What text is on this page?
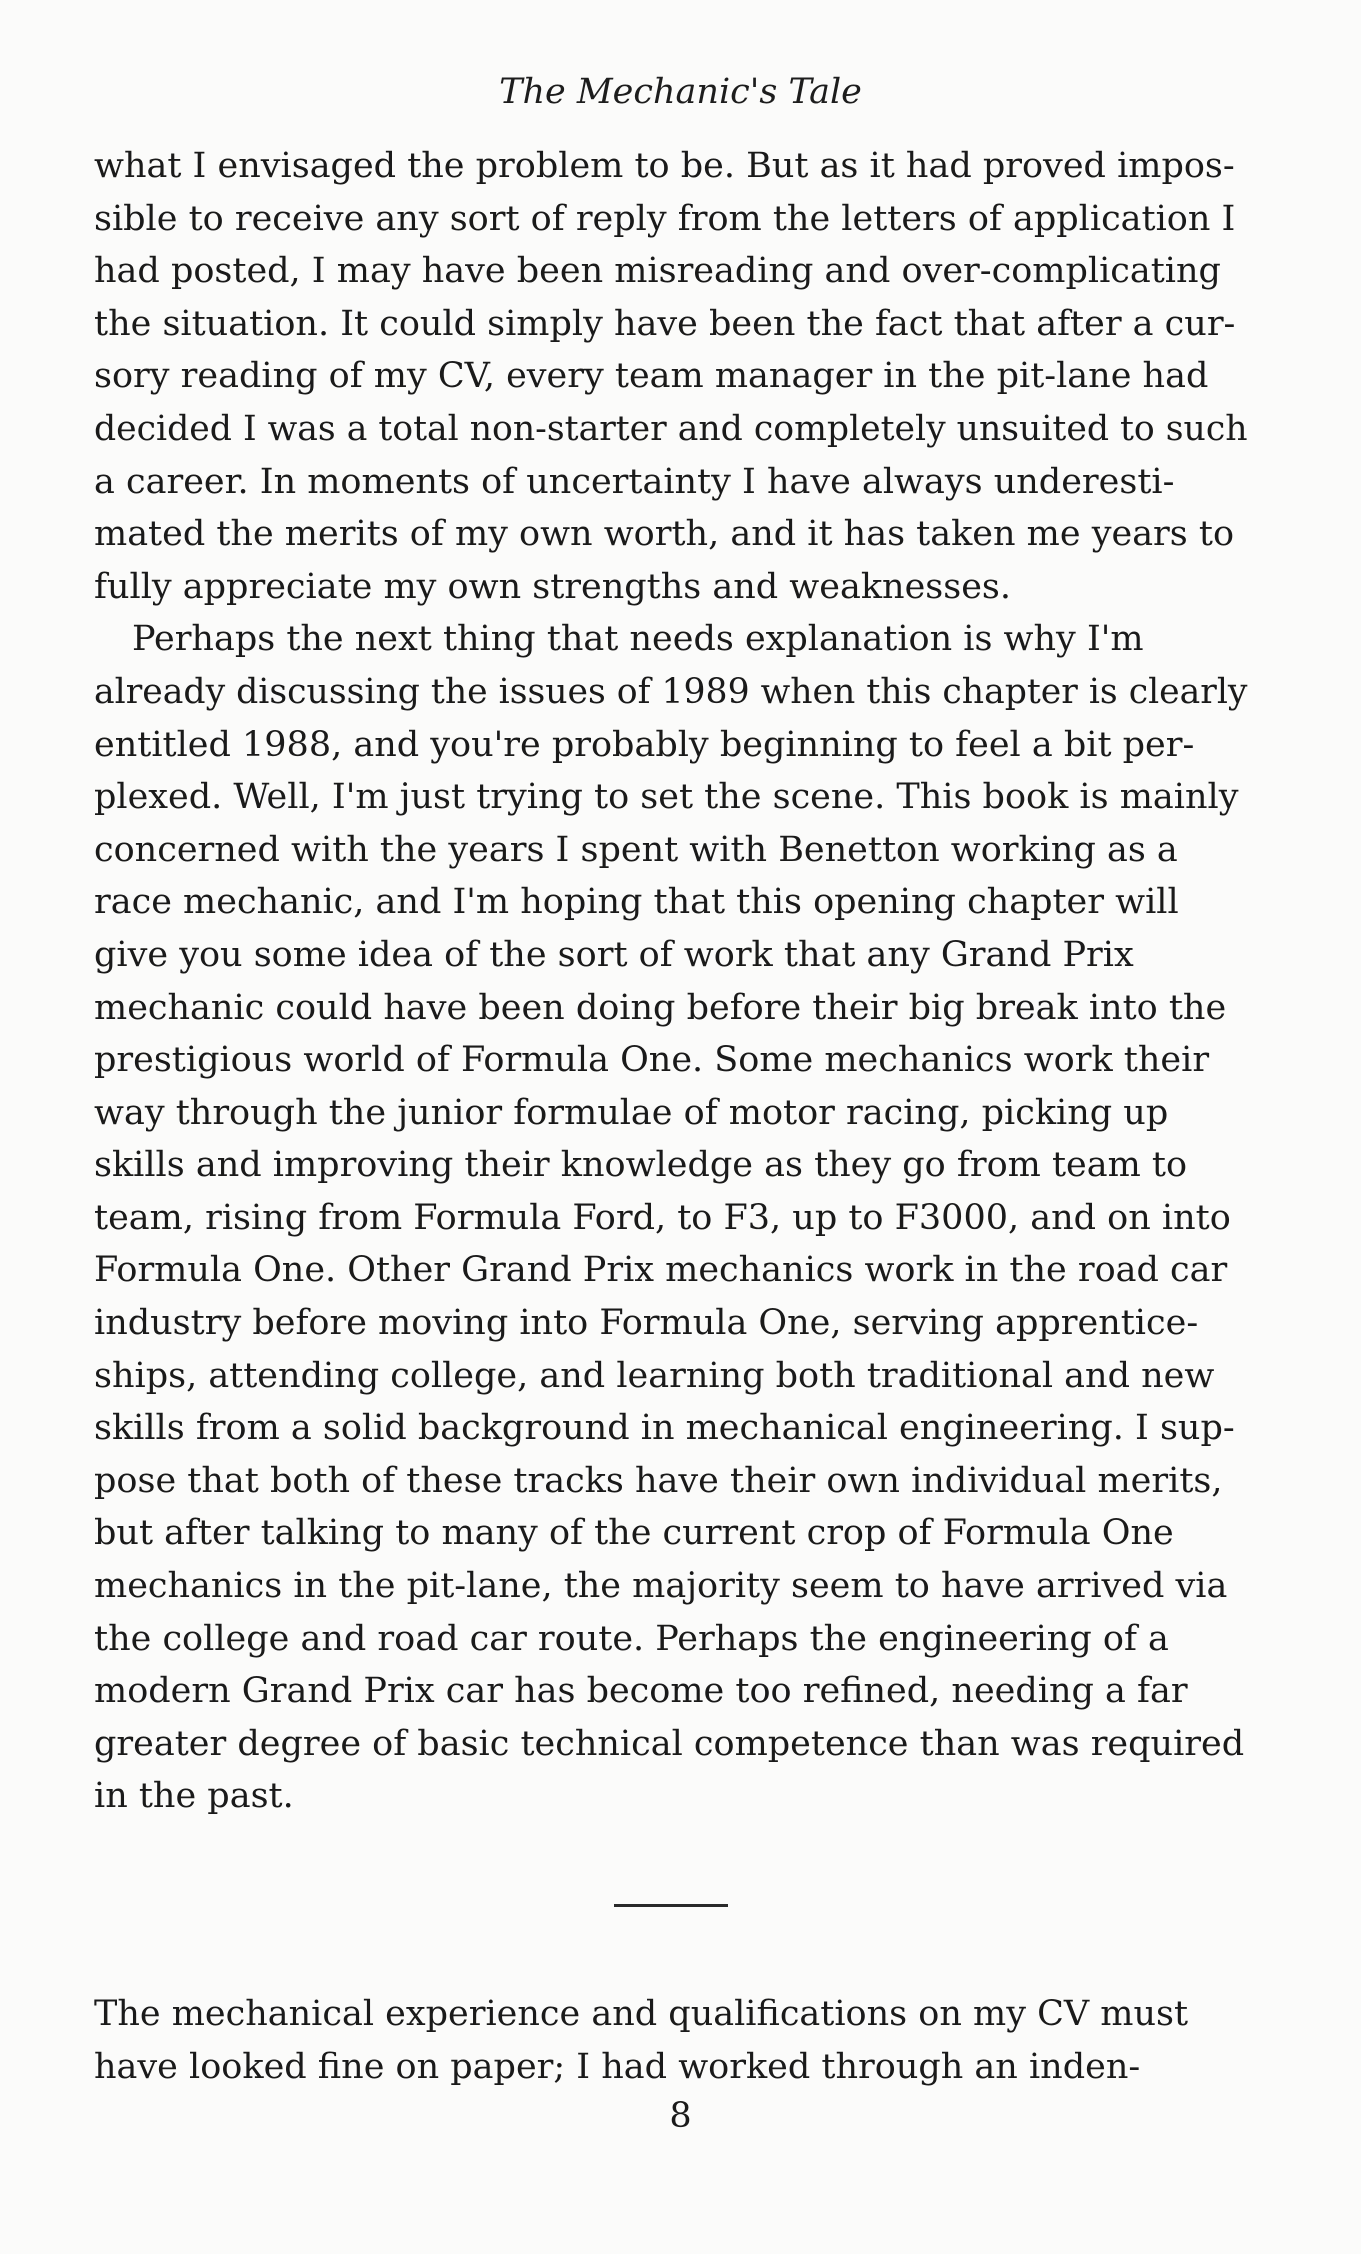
The Mechanic's Tale

what I envisaged the problem to be. But as it had proved impos-
sible to receive any sort of reply from the letters of application I
had posted, I may have been misreading and over-complicating
the situation. It could simply have been the fact that after a cur-
sory reading of my CV, every team manager in the pit-lane had
decided I was a total non-starter and completely unsuited to such
a career. In moments of uncertainty I have always underesti-
mated the merits of my own worth, and it has taken me years to
fully appreciate my own strengths and weaknesses.

Perhaps the next thing that needs explanation is why I'm
already discussing the issues of 1989 when this chapter is clearly
entitled 1988, and you're probably beginning to feel a bit per-
plexed. Well, I'm just trying to set the scene. This book is mainly
concerned with the years I spent with Benetton working as a
race mechanic, and I'm hoping that this opening chapter will
give you some idea of the sort of work that any Grand Prix
mechanic could have been doing before their big break into the
prestigious world of Formula One. Some mechanics work their
way through the junior formulae of motor racing, picking up
skills and improving their knowledge as they go from team to
team, rising from Formula Ford, to F3, up to F3000, and on into
Formula One. Other Grand Prix mechanics work in the road car
industry before moving into Formula One, serving apprentice-
ships, attending college, and learning both traditional and new
skills from a solid background in mechanical engineering. I sup-
pose that both of these tracks have their own individual merits,
but after talking to many of the current crop of Formula One
mechanics in the pit-lane, the majority seem to have arrived via
the college and road car route. Perhaps the engineering of a
modern Grand Prix car has become too refined, needing a far
greater degree of basic technical competence than was required
in the past.

The mechanical experience and qualifications on my CV must
have looked fine on paper; I had worked through an inden-

8
